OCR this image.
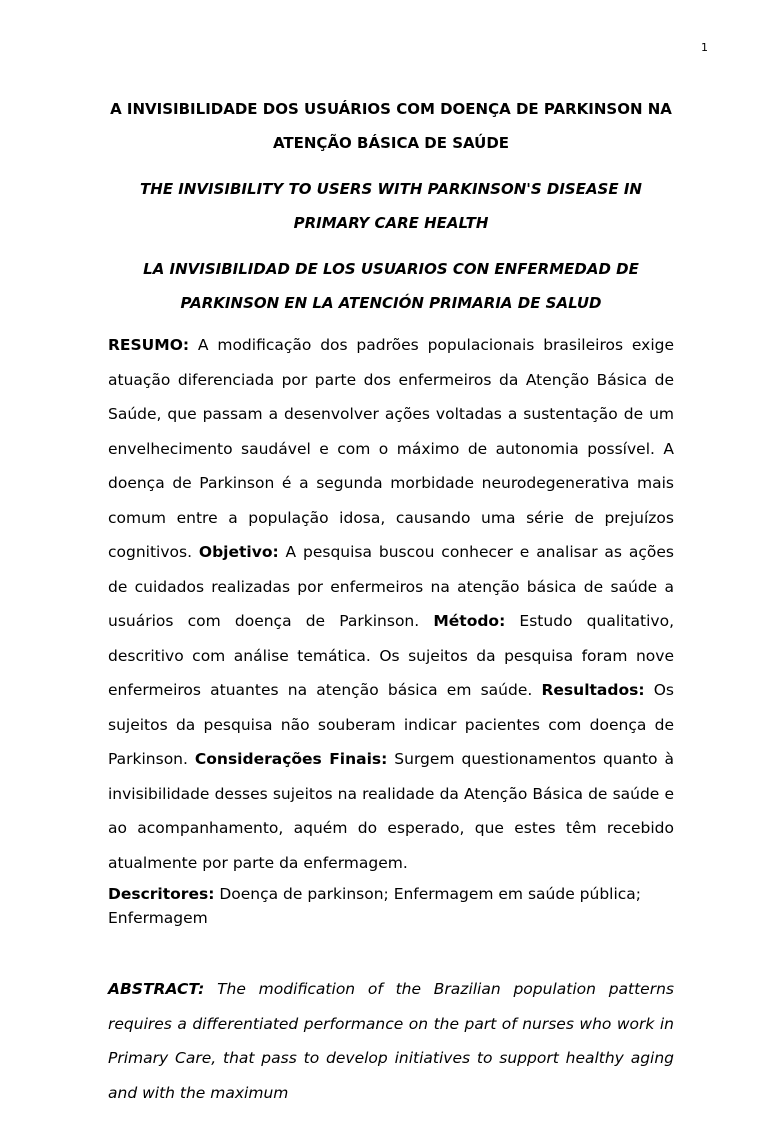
1

A INVISIBILIDADE DOS USUÁRIOS COM DOENÇA DE PARKINSON NA ATENÇÃO BÁSICA DE SAÚDE

THE INVISIBILITY TO USERS WITH PARKINSON'S DISEASE IN PRIMARY CARE HEALTH

LA INVISIBILIDAD DE LOS USUARIOS CON ENFERMEDAD DE PARKINSON EN LA ATENCIÓN PRIMARIA DE SALUD

RESUMO: A modificação dos padrões populacionais brasileiros exige atuação diferenciada por parte dos enfermeiros da Atenção Básica de Saúde, que passam a desenvolver ações voltadas a sustentação de um envelhecimento saudável e com o máximo de autonomia possível. A doença de Parkinson é a segunda morbidade neurodegenerativa mais comum entre a população idosa, causando uma série de prejuízos cognitivos. Objetivo: A pesquisa buscou conhecer e analisar as ações de cuidados realizadas por enfermeiros na atenção básica de saúde a usuários com doença de Parkinson. Método: Estudo qualitativo, descritivo com análise temática. Os sujeitos da pesquisa foram nove enfermeiros atuantes na atenção básica em saúde. Resultados: Os sujeitos da pesquisa não souberam indicar pacientes com doença de Parkinson. Considerações Finais: Surgem questionamentos quanto à invisibilidade desses sujeitos na realidade da Atenção Básica de saúde e ao acompanhamento, aquém do esperado, que estes têm recebido atualmente por parte da enfermagem.

Descritores: Doença de parkinson; Enfermagem em saúde pública; Enfermagem

ABSTRACT: The modification of the Brazilian population patterns requires a differentiated performance on the part of nurses who work in Primary Care, that pass to develop initiatives to support healthy aging and with the maximum
